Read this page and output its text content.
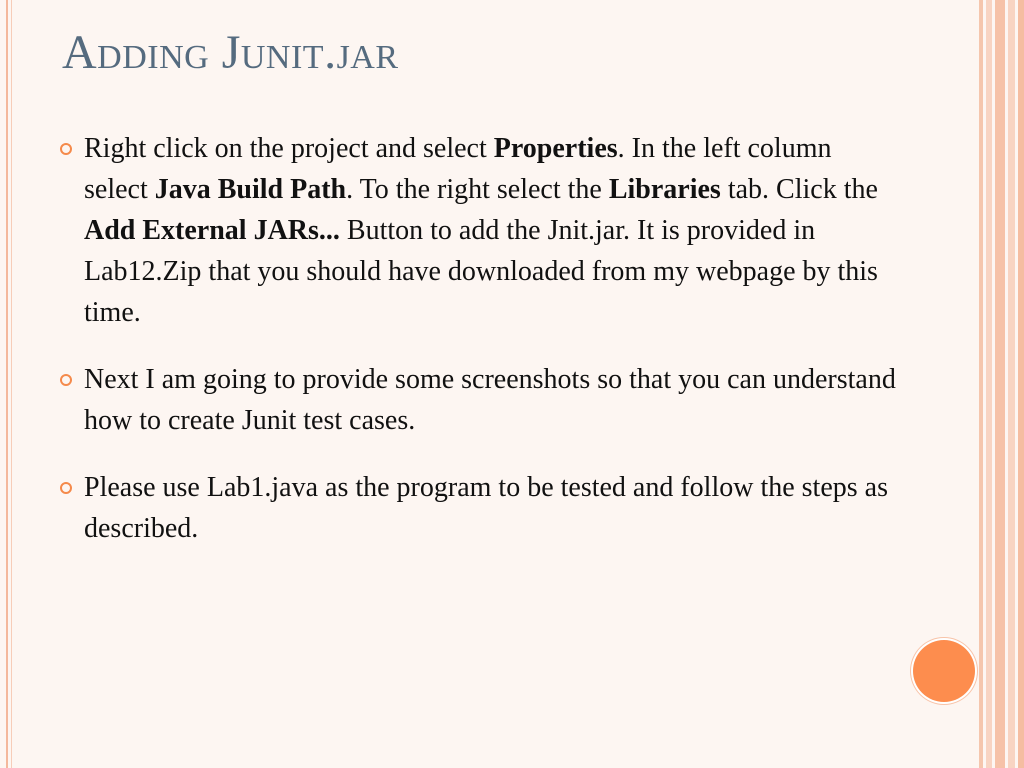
Adding Junit.jar
Right click on the project and select Properties. In the left column select Java Build Path. To the right select the Libraries tab. Click the Add External JARs... Button to add the Jnit.jar. It is provided in Lab12.Zip that you should have downloaded from my webpage by this time.
Next I am going to provide some screenshots so that you can understand how to create Junit test cases.
Please use Lab1.java as the program to be tested and follow the steps as described.
